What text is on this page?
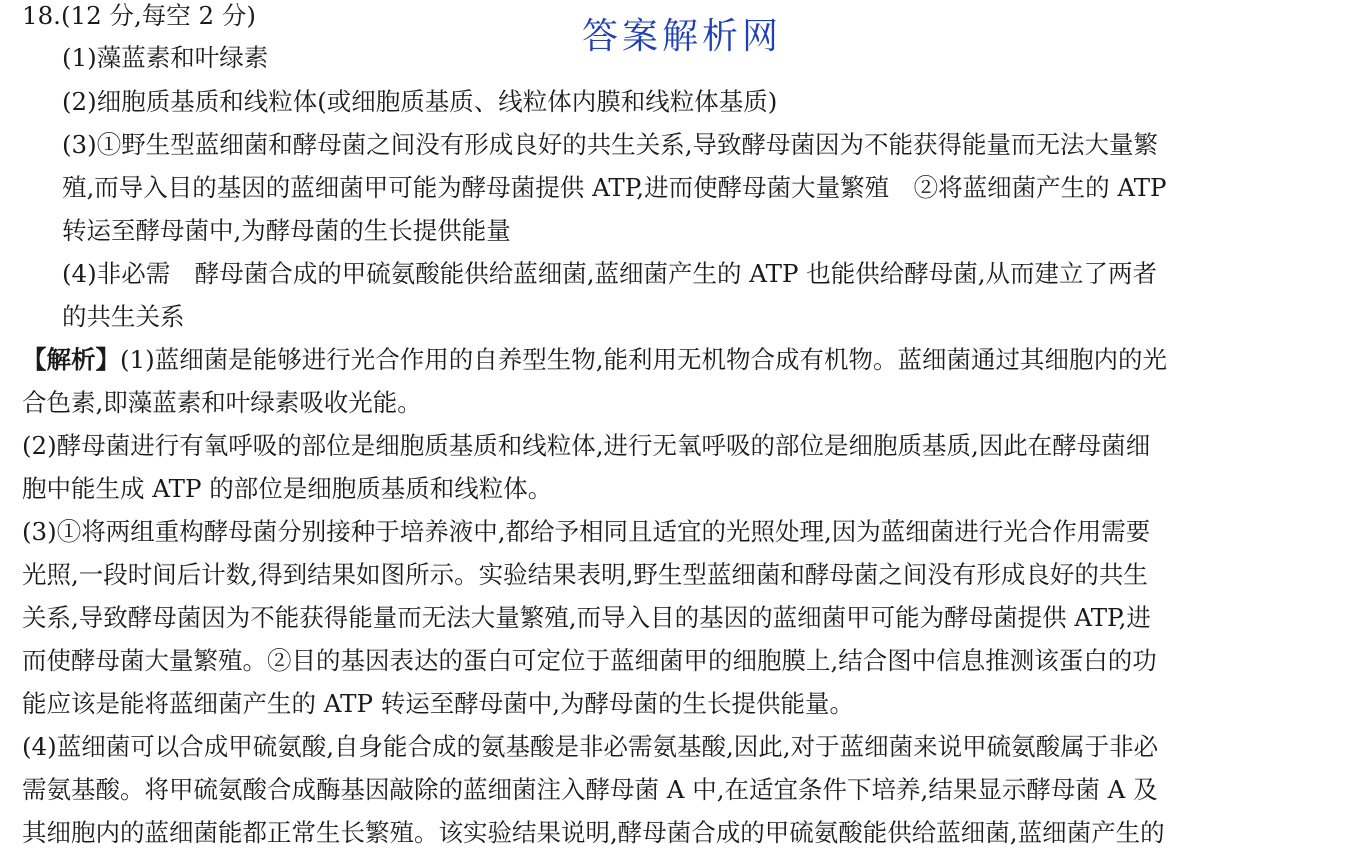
答案解析网
18.(12 分,每空 2 分)
(1)藻蓝素和叶绿素
(2)细胞质基质和线粒体(或细胞质基质、线粒体内膜和线粒体基质)
(3)①野生型蓝细菌和酵母菌之间没有形成良好的共生关系,导致酵母菌因为不能获得能量而无法大量繁
殖,而导入目的基因的蓝细菌甲可能为酵母菌提供 ATP,进而使酵母菌大量繁殖　②将蓝细菌产生的 ATP
转运至酵母菌中,为酵母菌的生长提供能量
(4)非必需　酵母菌合成的甲硫氨酸能供给蓝细菌,蓝细菌产生的 ATP 也能供给酵母菌,从而建立了两者
的共生关系
【解析】(1)蓝细菌是能够进行光合作用的自养型生物,能利用无机物合成有机物。蓝细菌通过其细胞内的光
合色素,即藻蓝素和叶绿素吸收光能。
(2)酵母菌进行有氧呼吸的部位是细胞质基质和线粒体,进行无氧呼吸的部位是细胞质基质,因此在酵母菌细
胞中能生成 ATP 的部位是细胞质基质和线粒体。
(3)①将两组重构酵母菌分别接种于培养液中,都给予相同且适宜的光照处理,因为蓝细菌进行光合作用需要
光照,一段时间后计数,得到结果如图所示。实验结果表明,野生型蓝细菌和酵母菌之间没有形成良好的共生
关系,导致酵母菌因为不能获得能量而无法大量繁殖,而导入目的基因的蓝细菌甲可能为酵母菌提供 ATP,进
而使酵母菌大量繁殖。②目的基因表达的蛋白可定位于蓝细菌甲的细胞膜上,结合图中信息推测该蛋白的功
能应该是能将蓝细菌产生的 ATP 转运至酵母菌中,为酵母菌的生长提供能量。
(4)蓝细菌可以合成甲硫氨酸,自身能合成的氨基酸是非必需氨基酸,因此,对于蓝细菌来说甲硫氨酸属于非必
需氨基酸。将甲硫氨酸合成酶基因敲除的蓝细菌注入酵母菌 A 中,在适宜条件下培养,结果显示酵母菌 A 及
其细胞内的蓝细菌能都正常生长繁殖。该实验结果说明,酵母菌合成的甲硫氨酸能供给蓝细菌,蓝细菌产生的
